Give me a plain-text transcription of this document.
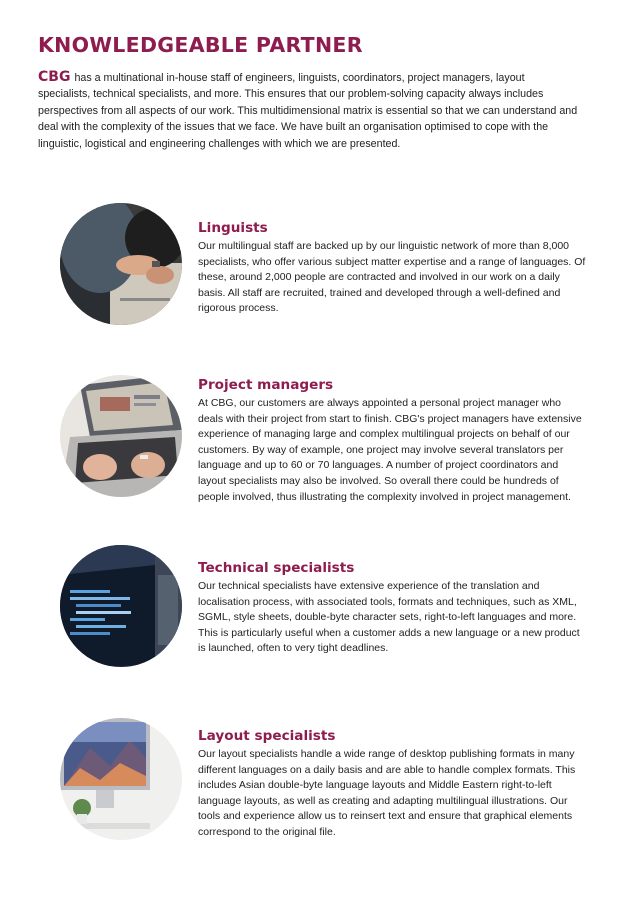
KNOWLEDGEABLE PARTNER
CBG has a multinational in-house staff of engineers, linguists, coordinators, project managers, layout specialists, technical specialists, and more. This ensures that our problem-solving capacity always includes perspectives from all aspects of our work. This multidimensional matrix is essential so that we can understand and deal with the complexity of the issues that we face. We have built an organisation optimised to cope with the linguistic, logistical and engineering challenges with which we are presented.
Linguists

Our multilingual staff are backed up by our linguistic network of more than 8,000 specialists, who offer various subject matter expertise and a range of languages. Of these, around 2,000 people are contracted and involved in our work on a daily basis. All staff are recruited, trained and developed through a well-defined and rigorous process.

Project managers

At CBG, our customers are always appointed a personal project manager who deals with their project from start to finish. CBG's project managers have extensive experience of managing large and complex multilingual projects on behalf of our customers. By way of example, one project may involve several translators per language and up to 60 or 70 languages. A number of project coordinators and layout specialists may also be involved. So overall there could be hundreds of people involved, thus illustrating the complexity involved in project management.

Technical specialists

Our technical specialists have extensive experience of the translation and localisation process, with associated tools, formats and techniques, such as XML, SGML, style sheets, double-byte character sets, right-to-left languages and more. This is particularly useful when a customer adds a new language or a new product is launched, often to very tight deadlines.

Layout specialists

Our layout specialists handle a wide range of desktop publishing formats in many different languages on a daily basis and are able to handle complex formats. This includes Asian double-byte language layouts and Middle Eastern right-to-left language layouts, as well as creating and adapting multilingual illustrations. Our tools and experience allow us to reinsert text and ensure that graphical elements correspond to the original file.
